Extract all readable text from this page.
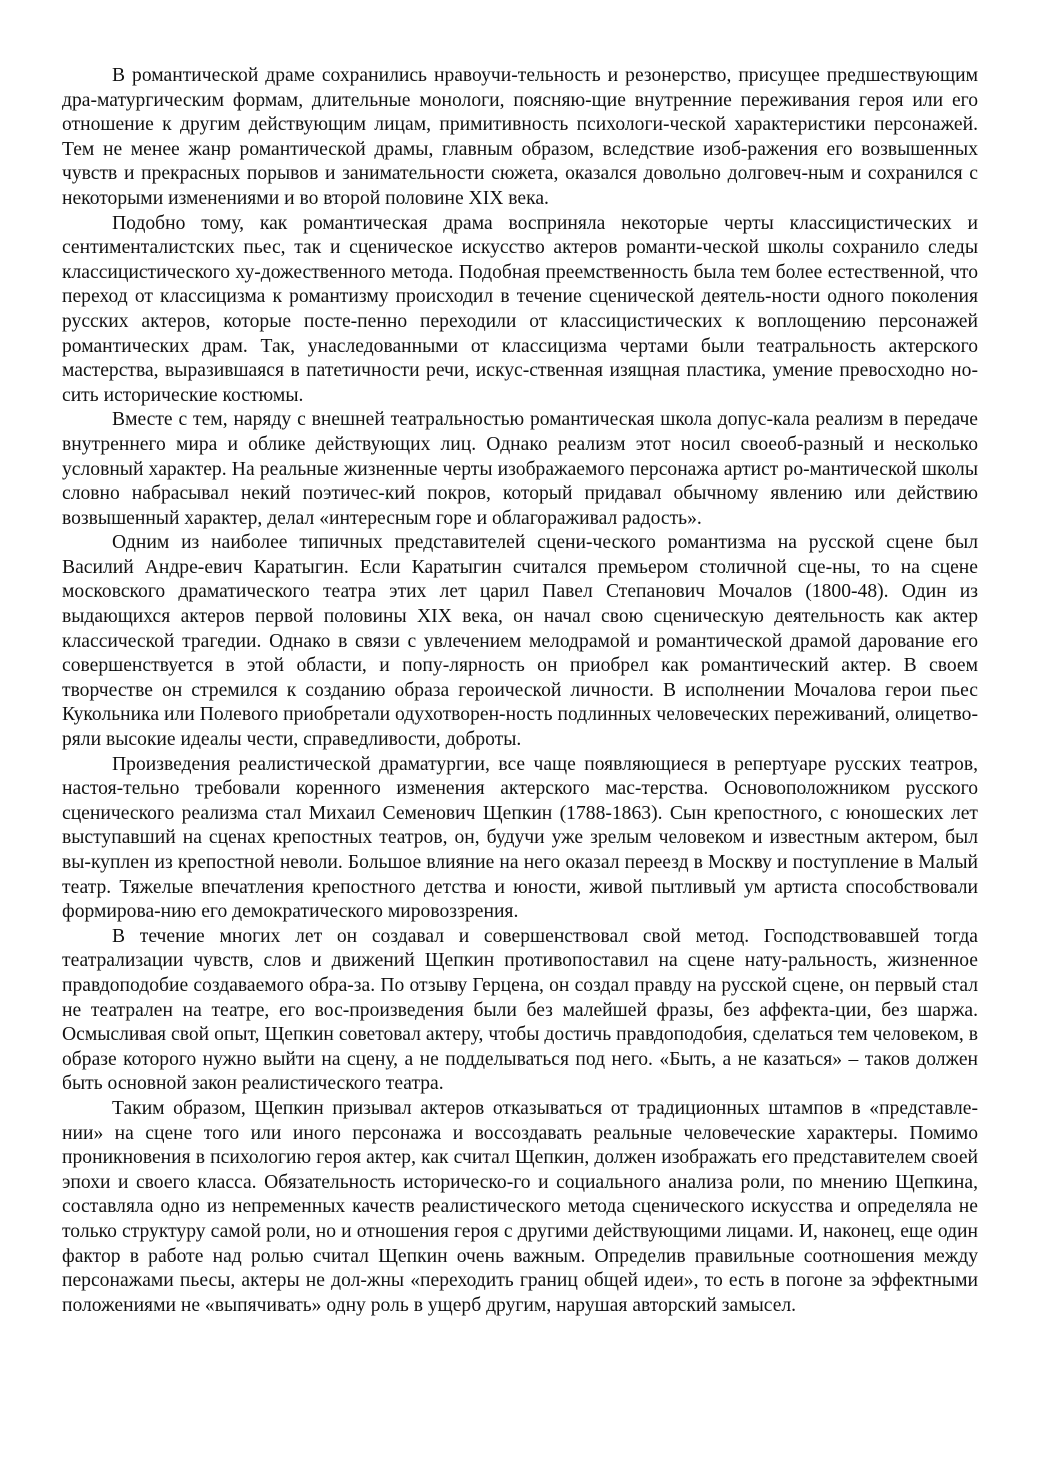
В романтической драме сохранились нравоучи-тельность и резонерство, присущее предшествующим дра-матургическим формам, длительные монологи, поясняю-щие внутренние переживания героя или его отношение к другим действующим лицам, примитивность психологи-ческой характеристики персонажей. Тем не менее жанр романтической драмы, главным образом, вследствие изоб-ражения его возвышенных чувств и прекрасных порывов и занимательности сюжета, оказался довольно долговеч-ным и сохранился с некоторыми изменениями и во второй половине XIX века.

Подобно тому, как романтическая драма восприняла некоторые черты классицистических и сентименталистских пьес, так и сценическое искусство актеров романти-ческой школы сохранило следы классицистического ху-дожественного метода. Подобная преемственность была тем более естественной, что переход от классицизма к романтизму происходил в течение сценической деятель-ности одного поколения русских актеров, которые посте-пенно переходили от классицистических к воплощению персонажей романтических драм. Так, унаследованными от классицизма чертами были театральность актерского мастерства, выразившаяся в патетичности речи, искус-ственная изящная пластика, умение превосходно но-сить исторические костюмы.

Вместе с тем, наряду с внешней театральностью романтическая школа допус-кала реализм в передаче внутреннего мира и облике действующих лиц. Однако реализм этот носил своеоб-разный и несколько условный характер. На реальные жизненные черты изображаемого персонажа артист ро-мантической школы словно набрасывал некий поэтичес-кий покров, который придавал обычному явлению или действию возвышенный характер, делал «интересным горе и облагораживал радость».

Одним из наиболее типичных представителей сцени-ческого романтизма на русской сцене был Василий Андре-евич Каратыгин. Если Каратыгин считался премьером столичной сце-ны, то на сцене московского драматического театра этих лет царил Павел Степанович Мочалов (1800-48). Один из выдающихся актеров первой половины XIX века, он начал свою сценическую деятельность как актер классической трагедии. Однако в связи с увлечением мелодрамой и романтической драмой дарование его совершенствуется в этой области, и попу-лярность он приобрел как романтический актер. В своем творчестве он стремился к созданию образа героической личности. В исполнении Мочалова герои пьес Кукольника или Полевого приобретали одухотворен-ность подлинных человеческих переживаний, олицетво-ряли высокие идеалы чести, справедливости, доброты.

Произведения реалистической драматургии, все чаще появляющиеся в репертуаре русских театров, настоя-тельно требовали коренного изменения актерского мас-терства. Основоположником русского сценического реализма стал Михаил Семенович Щепкин (1788-1863). Сын крепостного, с юношеских лет выступавший на сценах крепостных театров, он, будучи уже зрелым человеком и известным актером, был вы-куплен из крепостной неволи. Большое влияние на него оказал переезд в Москву и поступление в Малый театр. Тяжелые впечатления крепостного детства и юности, живой пытливый ум артиста способствовали формирова-нию его демократического мировоззрения.

В течение многих лет он создавал и совершенствовал свой метод. Господствовавшей тогда театрализации чувств, слов и движений Щепкин противопоставил на сцене нату-ральность, жизненное правдоподобие создаваемого обра-за. По отзыву Герцена, он создал правду на русской сцене, он первый стал не театрален на театре, его вос-произведения были без малейшей фразы, без аффекта-ции, без шаржа. Осмысливая свой опыт, Щепкин советовал актеру, чтобы достичь правдоподобия, сделаться тем человеком, в образе которого нужно выйти на сцену, а не подделываться под него. «Быть, а не казаться» – таков должен быть основной закон реалистического театра.

Таким образом, Щепкин призывал актеров отказываться от традиционных штампов в «представле-нии» на сцене того или иного персонажа и воссоздавать реальные человеческие характеры. Помимо проникновения в психологию героя актер, как считал Щепкин, должен изображать его представителем своей эпохи и своего класса. Обязательность историческо-го и социального анализа роли, по мнению Щепкина, составляла одно из непременных качеств реалистического метода сценического искусства и определяла не только структуру самой роли, но и отношения героя с другими действующими лицами. И, наконец, еще один фактор в работе над ролью считал Щепкин очень важным. Определив правильные соотношения между персонажами пьесы, актеры не дол-жны «переходить границ общей идеи», то есть в погоне за эффектными положениями не «выпячивать» одну роль в ущерб другим, нарушая авторский замысел.
